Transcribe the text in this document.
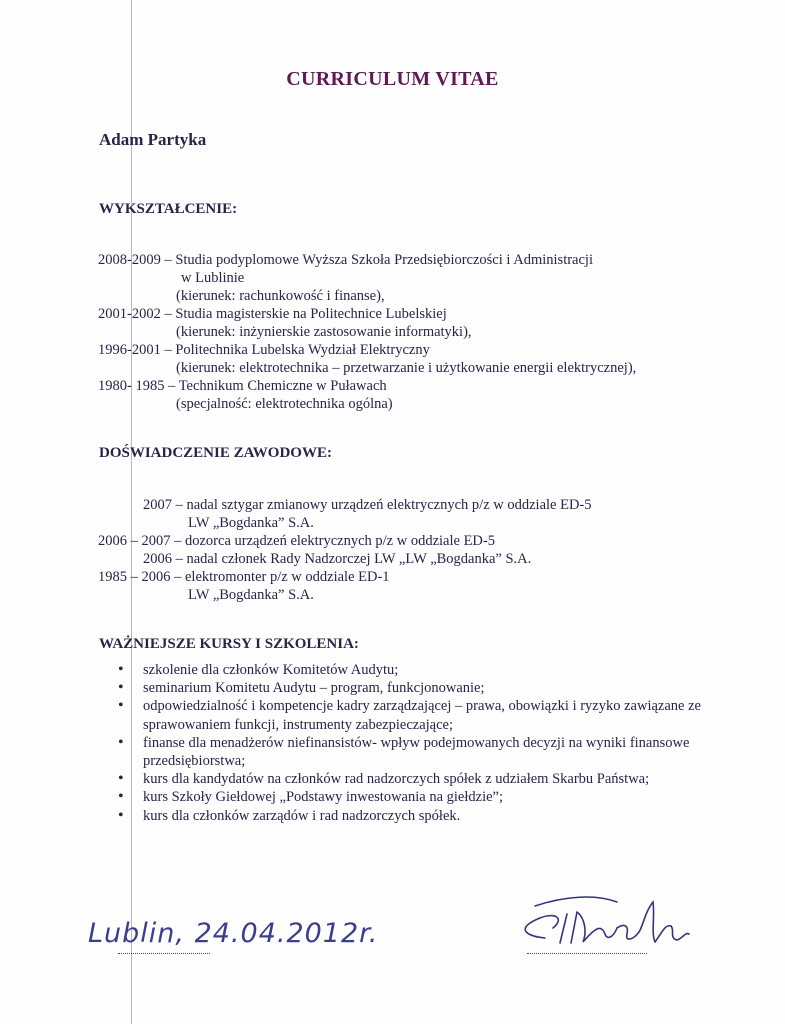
CURRICULUM VITAE
Adam Partyka
WYKSZTAŁCENIE:
2008-2009 – Studia podyplomowe Wyższa Szkoła Przedsiębiorczości i Administracji
w Lublinie
(kierunek: rachunkowość i finanse),
2001-2002 – Studia magisterskie na Politechnice Lubelskiej
(kierunek: inżynierskie zastosowanie informatyki),
1996-2001 – Politechnika Lubelska Wydział Elektryczny
(kierunek: elektrotechnika – przetwarzanie i użytkowanie energii elektrycznej),
1980- 1985 – Technikum Chemiczne w Puławach
(specjalność: elektrotechnika ogólna)
DOŚWIADCZENIE ZAWODOWE:
2007 – nadal sztygar zmianowy urządzeń elektrycznych p/z w oddziale ED-5
LW „Bogdanka” S.A.
2006 – 2007 – dozorca urządzeń elektrycznych p/z w oddziale ED-5
2006 – nadal członek Rady Nadzorczej LW „LW „Bogdanka” S.A.
1985 – 2006 – elektromonter p/z w oddziale ED-1
LW „Bogdanka” S.A.
WAŻNIEJSZE KURSY I SZKOLENIA:
• szkolenie dla członków Komitetów Audytu;
• seminarium Komitetu Audytu – program, funkcjonowanie;
• odpowiedzialność i kompetencje kadry zarządzającej – prawa, obowiązki i ryzyko zawiązane ze sprawowaniem funkcji, instrumenty zabezpieczające;
• finanse dla menadżerów niefinansistów- wpływ podejmowanych decyzji na wyniki finansowe przedsiębiorstwa;
• kurs dla kandydatów na członków rad nadzorczych spółek z udziałem Skarbu Państwa;
• kurs Szkoły Giełdowej „Podstawy inwestowania na giełdzie”;
• kurs dla członków zarządów i rad nadzorczych spółek.
Lublin, 24.04.2012r.
